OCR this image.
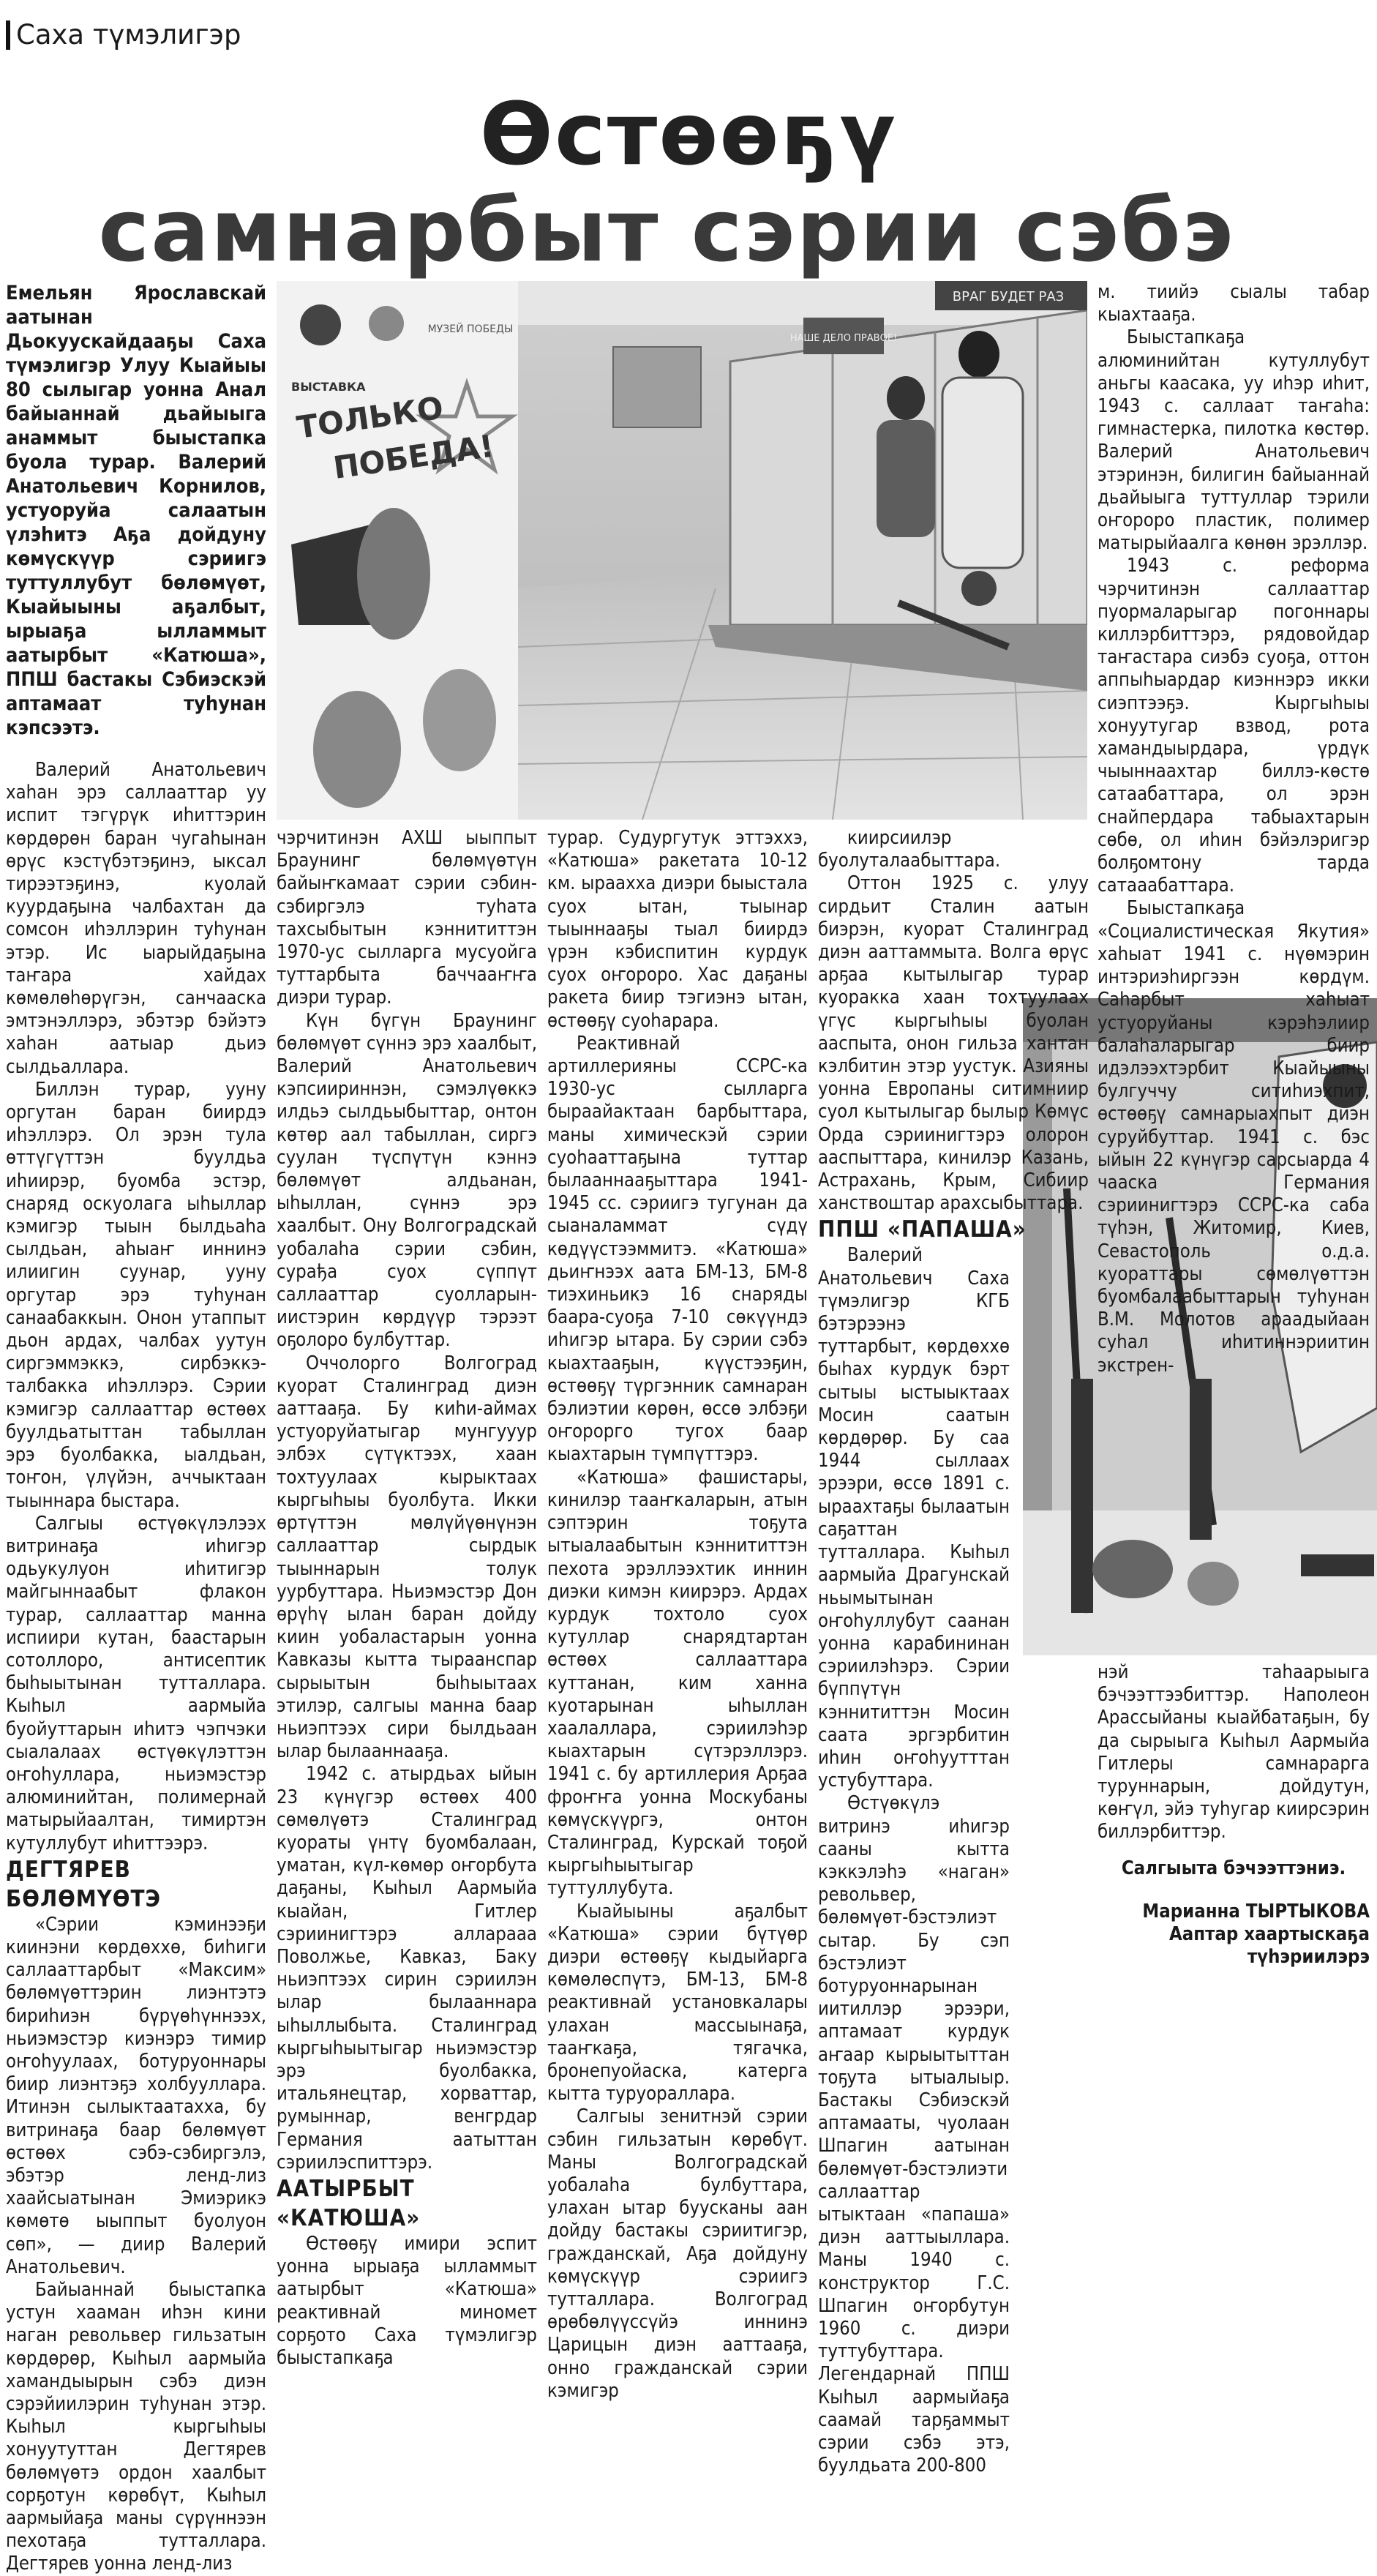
Саха түмэлигэр
Өстөөҕү
самнарбыт сэрии сэбэ
НАШЕ ДЕЛО ПРАВОЕ!
ВРАГ БУДЕТ РАЗ
МУЗЕЙ ПОБЕДЫ
ВЫСТАВКА
ТОЛЬКО
ПОБЕДА!

Емельян Ярославскай аатынан Дьокуускайдааҕы Саха түмэлигэр Улуу Кыайыы 80 сылыгар уонна Анал байыаннай дьайыыга анаммыт быыстапка буола турар. Валерий Анатольевич Корнилов, устуоруйа салаатын үлэһитэ Аҕа дойдуну көмүскүүр сэриигэ туттуллубут бөлөмүөт, Кыайыыны аҕалбыт, ырыаҕа ылламмыт аатырбыт «Катюша», ППШ бастакы Сэбиэскэй аптамаат туһунан кэпсээтэ.

Валерий Анатольевич хаһан эрэ саллааттар уу испит тэгүрүк иһиттэрин көрдөрөн баран чугаһынан өрүс кэстүбэтэҕинэ, ыксал тирээтэҕинэ, куолай куурдаҕына чалбахтан да сомсон иһэллэрин туһунан этэр. Ис ыарыйдаҕына таҥара хайдах көмөлөһөрүгэн, санчааска эмтэнэллэрэ, эбэтэр бэйэтэ хаһан аатыар дьиэ сылдьаллара.

Биллэн турар, ууну оргутан баран биирдэ иһэллэрэ. Ол эрэн тула өттүгүттэн буулдьа иһиирэр, буомба эстэр, снаряд оскуолага ыһыллар кэмигэр тыын былдьаһа сылдьан, аһыаҥ иннинэ илиигин суунар, ууну оргутар эрэ туһунан санаабаккын. Онон утаппыт дьон ардах, чалбах уутун сиргэммэккэ, сирбэккэ-талбакка иһэллэрэ. Сэрии кэмигэр саллааттар өстөөх буулдьатыттан табыллан эрэ буолбакка, ыалдьан, тоҥон, үлүйэн, аччыктаан тыыннара быстара.

Салгыы өстүөкүлэлээх витринаҕа иһигэр одьукулуон иһитигэр майгыннаабыт флакон турар, саллааттар манна испиири кутан, баастарын сотоллоро, антисептик быһыытынан тутталлара. Кыһыл аармыйа буойуттарын иһитэ чэпчэки сыалалаах өстүөкүлэттэн оҥоһуллара, ньиэмэстэр алюминийтан, полимернай матырыйаалтан, тимиртэн кутуллубут иһиттээрэ.

ДЕГТЯРЕВ БӨЛӨМҮӨТЭ

«Сэрии кэминээҕи киинэни көрдөххө, биһиги саллааттарбыт «Максим» бөлөмүөттэрин лиэнтэтэ бириһиэн бүрүөһүннээх, ньиэмэстэр киэнэрэ тимир оҥоһуулаах, ботуруоннары биир лиэнтэҕэ холбууллара. Итинэн сылыктаатахха, бу витринаҕа баар бөлөмүөт өстөөх сэбэ-сэбиргэлэ, эбэтэр ленд-лиз хаайсыатынан Эмиэрикэ көмөтө ыыппыт буолуон сөп», — диир Валерий Анатольевич.

Байыаннай быыстапка устун хааман иһэн кини наган револьвер гильзатын көрдөрөр, Кыһыл аармыйа хамандыырын сэбэ диэн сэрэйиилэрин туһунан этэр. Кыһыл кыргыһыы хонуутуттан Дегтярев бөлөмүөтэ ордон хаалбыт сорҕотун көрөбүт, Кыһыл аармыйаҕа маны сүрүннээн пехотаҕа тутталлара. Дегтярев уонна ленд-лиз

чэрчитинэн АХШ ыыппыт Браунинг бөлөмүөтүн байыҥкамаат сэрии сэбин-сэбиргэлэ туһата тахсыбытын кэннититтэн 1970-ус сылларга мусуойга туттарбыта баччааҥҥа диэри турар.

Күн бүгүн Браунинг бөлөмүөт сүннэ эрэ хаалбыт, Валерий Анатольевич кэпсиириннэн, сэмэлүөккэ илдьэ сылдьыбыттар, онтон көтөр аал табыллан, сиргэ суулан түспүтүн кэннэ бөлөмүөт алдьанан, ыһыллан, сүннэ эрэ хаалбыт. Ону Волгоградскай уобалаһа сэрии сэбин, сурађа суох сүппүт саллааттар суолларын-иистэрин көрдүүр тэрээт оҕолоро булбуттар.

Оччолорго Волгоград куорат Сталинград диэн ааттааҕа. Бу киһи-аймах устуоруйатыгар мунгууур элбэх сүтүктээх, хаан тохтуулаах кырыктаах кыргыһыы буолбута. Икки өртүттэн мөлүйүөнүнэн саллааттар сырдык тыыннарын толук уурбуттара. Ньиэмэстэр Дон өрүһү ылан баран дойду киин уобаластарын уонна Кавказы кытта тыраанспар сырыытын быһыытаах этилэр, салгыы манна баар ньиэптээх сири былдьаан ылар былааннааҕа.

1942 с. атырдьах ыйын 23 күнүгэр өстөөх 400 сөмөлүөтэ Сталинград куораты үнтү буомбалаан, уматан, күл-көмөр оҥорбута даҕаны, Кыһыл Аармыйа кыайан, Гитлер сэриинигтэрэ алларааа Поволжье, Кавказ, Баку ньиэптээх сирин сэриилэн ылар былааннара ыһыллыбыта. Сталинград кыргыһыытыгар ньиэмэстэр эрэ буолбакка, итальянецтар, хорваттар, румыннар, венгрдар Германия аатыттан сэриилэспиттэрэ.

ААТЫРБЫТ «КАТЮША»

Өстөөҕү имири эспит уонна ырыаҕа ылламмыт аатырбыт «Катюша» реактивнай миномет сорҕото Саха түмэлигэр быыстапкаҕа

турар. Судургутук эттэххэ, «Катюша» ракетата 10-12 км. ыраахха диэри быыстала суох ытан, тыынар тыыннааҕы тыал биирдэ үрэн кэбиспитин курдук суох оҥороро. Хас даҕаны ракета биир тэгиэнэ ытан, өстөөҕү суоһарара.

Реактивнай артиллерияны ССРС-ка 1930-ус сылларга быраайактаан барбыттара, маны химическэй сэрии суоһааттаҕына туттар былааннааҕыттара 1941-1945 сс. сэриигэ тугунан да сыаналаммат сүдү көдүүстээммитэ. «Катюша» дьиҥнээх аата БМ-13, БМ-8 тиэхиньикэ 16 снаряды баара-суоҕа 7-10 сөкүүндэ иһигэр ытара. Бу сэрии сэбэ кыахтааҕын, күүстээҕин, өстөөҕү түргэнник самнаран бэлиэтии көрөн, өссө элбэҕи оҥорорго тугох баар кыахтарын түмпүттэрэ.

«Катюша» фашистары, кинилэр тааҥкаларын, атын сэптэрин тоҕута ытыалаабытын кэннититтэн пехота эрэллээхтик иннин диэки кимэн киирэрэ. Ардах курдук тохтоло суох кутуллар снарядтартан өстөөх саллааттара куттанан, ким ханна куотарынан ыһыллан хаалаллара, сэриилэһэр кыахтарын сүтэрэллэрэ. 1941 с. бу артиллерия Арҕаа фроҥҥа уонна Москубаны көмүскүүргэ, онтон Сталинград, Курскай тоҕой кыргыһыытыгар туттуллубута.

Кыайыыны аҕалбыт «Катюша» сэрии бүтүөр диэри өстөөҕү кыдыйарга көмөлөспүтэ, БМ-13, БМ-8 реактивнай установкалары улахан массыынаҕа, тааҥкаҕа, тягачка, бронепуойаска, катерга кытта туруораллара.

Салгыы зенитнэй сэрии сэбин гильзатын көрөбүт. Маны Волгоградскай уобалаһа булбуттара, улахан ытар буусканы аан дойду бастакы сэриитигэр, гражданскай, Аҕа дойдуну көмүскүүр сэриигэ тутталлара. Волгоград өрөбөлүүссүйэ иннинэ Царицын диэн ааттааҕа, онно гражданскай сэрии кэмигэр

киирсиилэр буолуталаабыттара.

Оттон 1925 с. улуу сирдьит Сталин аатын биэрэн, куорат Сталинград диэн ааттаммыта. Волга өрүс арҕаа кытылыгар турар куоракка хаан тохтуулаах үгүс кыргыһыы буолан ааспыта, онон гильза хантан кэлбитин этэр уустук. Азияны уонна Европаны ситимниир суол кытылыгар былыр Көмүс Орда сэриинигтэрэ олорон ааспыттара, кинилэр Казань, Астрахань, Крым, Сибиир ханствоштар арахсыбыттара.

ППШ «ПАПАША»

Валерий Анатольевич Саха түмэлигэр КГБ бэтэрээнэ туттарбыт, көрдөххө быһах курдук бэрт сытыы ыстыыктаах Мосин саатын көрдөрөр. Бу саа 1944 сыллаах эрээри, өссө 1891 с. ыраахтаҕы былаатын саҕаттан тутталлара. Кыһыл аармыйа Драгунскай ньымытынан оҥоһуллубут саанан уонна карабининан сэриилэһэрэ. Сэрии бүппүтүн кэннититтэн Мосин саата эргэрбитин иһин оҥоһуутттан устубуттара.

Өстүөкүлэ витринэ иһигэр сааны кытта кэккэлэһэ «наган» револьвер, бөлөмүөт-бэстэлиэт сытар. Бу сэп бэстэлиэт ботуруоннарынан иитиллэр эрээри, аптамаат курдук аҥаар кырыытыттан тоҕута ытыалыыр. Бастакы Сэбиэскэй аптамааты, чуолаан Шпагин аатынан бөлөмүөт-бэстэлиэти саллааттар ытыктаан «папаша» диэн ааттыыллара. Маны 1940 с. конструктор Г.С. Шпагин оҥорбутун 1960 с. диэри туттубуттара. Легендарнай ППШ Кыһыл аармыйаҕа саамай тарҕаммыт сэрии сэбэ этэ, буулдьата 200-800

м. тиийэ сыалы табар кыахтааҕа.

Быыстапкаҕа алюминийтан кутуллубут аньгы каасака, уу иһэр иһит, 1943 с. саллаат таҥаһа: гимнастерка, пилотка көстөр. Валерий Анатольевич этэринэн, билигин байыаннай дьайыыга туттуллар тэрили оҥороро пластик, полимер матырыйаалга көнөн эрэллэр.

1943 с. реформа чэрчитинэн саллааттар пуормаларыгар погоннары киллэрбиттэрэ, рядовойдар таҥастара сиэбэ суоҕа, оттон аппыһыардар киэннэрэ икки сиэптээҕэ. Кыргыһыы хонуутугар взвод, рота хамандыырдара, үрдүк чыыннаахтар биллэ-көстө сатаабаттара, ол эрэн снайпердара табыахтарын сөбө, ол иһин бэйэлэригэр болҕомтону тарда сатааабаттара.

Быыстапкаҕа «Социалистическая Якутия» хаһыат 1941 с. нүөмэрин интэриэһиргээн көрдүм. Саһарбыт хаһыат устуоруйаны кэрэһэлиир балаһаларыгар биир идэлээхтэрбит Кыайыыны булгуччу ситиһиэхпит, өстөөҕү самнарыахпыт диэн суруйбуттар. 1941 с. бэс ыйын 22 күнүгэр сарсыарда 4 чааска Германия сэриинигтэрэ ССРС-ка саба түһэн, Житомир, Киев, Севастополь о.д.а. куораттары сөмөлүөттэн буомбалаабыттарын туһунан В.М. Молотов араадыйаан суһал иһитиннэриитин экстрен-

нэй таһаарыыга бэчээттээбиттэр. Наполеон Арассыйаны кыайбатаҕын, бу да сырыыга Кыһыл Аармыйа Гитлеры самнарарга туруннарын, дойдутун, көҥүл, эйэ туһугар киирсэрин биллэрбиттэр.

Салгыыта бэчээттэниэ.

Марианна ТЫРТЫКОВА

Ааптар хаартыскаҕа

түһэриилэрэ
